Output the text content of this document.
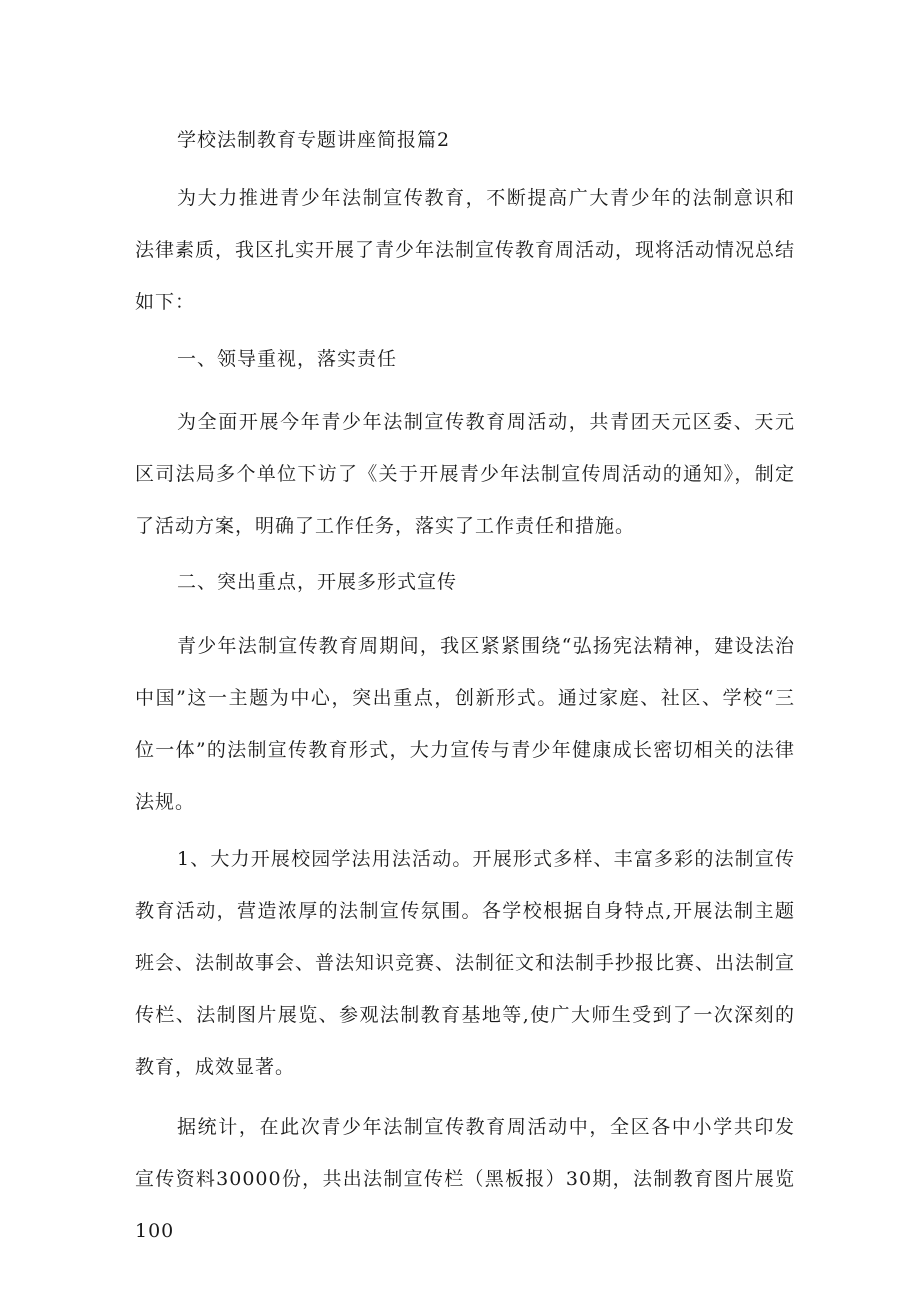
学校法制教育专题讲座简报篇2

为大力推进青少年法制宣传教育，不断提高广大青少年的法制意识和法律素质，我区扎实开展了青少年法制宣传教育周活动，现将活动情况总结如下：

一、领导重视，落实责任

为全面开展今年青少年法制宣传教育周活动，共青团天元区委、天元区司法局多个单位下访了《关于开展青少年法制宣传周活动的通知》，制定了活动方案，明确了工作任务，落实了工作责任和措施。

二、突出重点，开展多形式宣传

青少年法制宣传教育周期间，我区紧紧围绕“弘扬宪法精神，建设法治中国”这一主题为中心，突出重点，创新形式。通过家庭、社区、学校“三位一体”的法制宣传教育形式，大力宣传与青少年健康成长密切相关的法律法规。

1、大力开展校园学法用法活动。开展形式多样、丰富多彩的法制宣传教育活动，营造浓厚的法制宣传氛围。各学校根据自身特点,开展法制主题班会、法制故事会、普法知识竞赛、法制征文和法制手抄报比赛、出法制宣传栏、法制图片展览、参观法制教育基地等,使广大师生受到了一次深刻的教育，成效显著。

据统计，在此次青少年法制宣传教育周活动中，全区各中小学共印发宣传资料30000份，共出法制宣传栏（黑板报）30期，法制教育图片展览100
